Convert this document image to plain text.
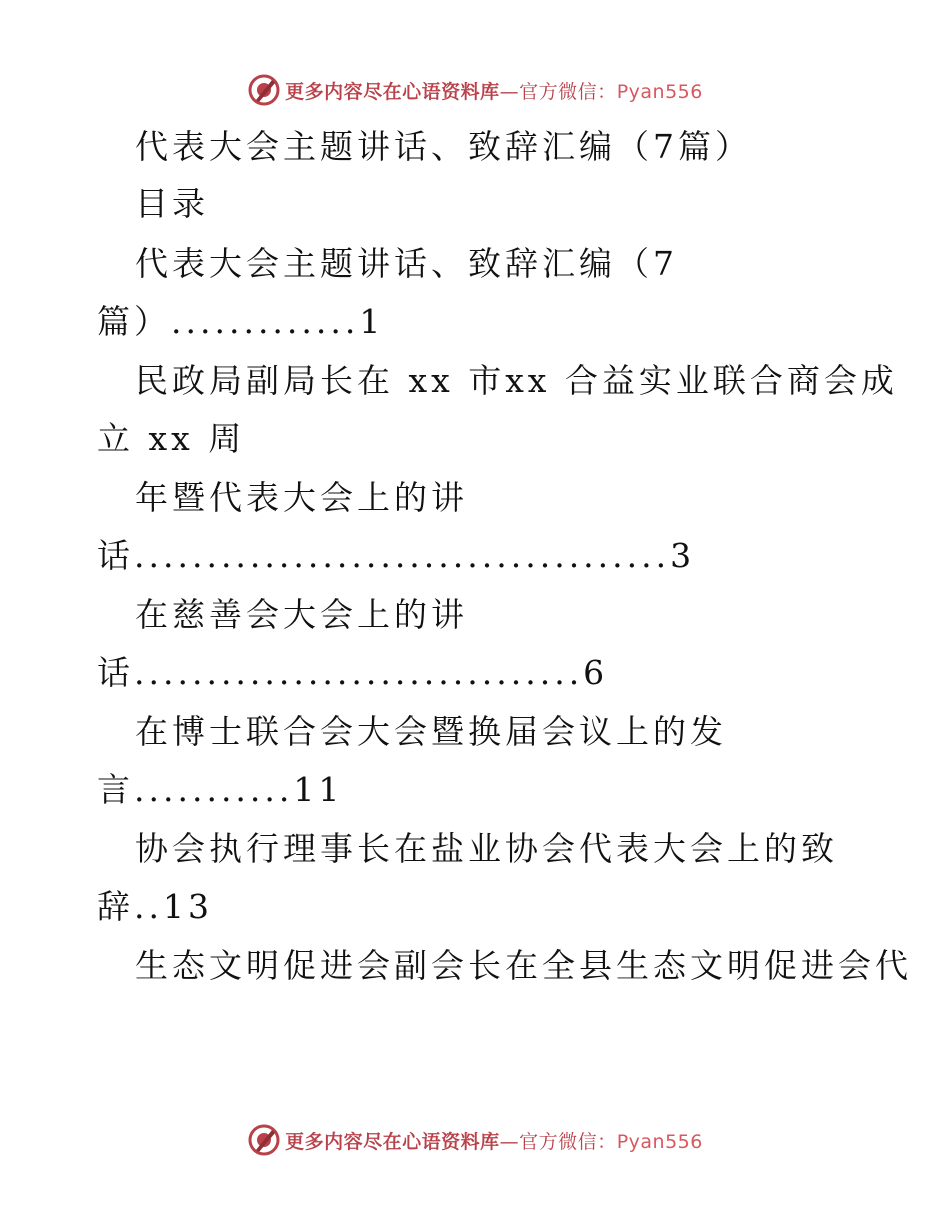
更多内容尽在心语资料库—官方微信：Pyan556
代表大会主题讲话、致辞汇编（7篇）
目录
代表大会主题讲话、致辞汇编（7
篇）.............1
民政局副局长在 xx 市xx 合益实业联合商会成
立 xx 周
年暨代表大会上的讲
话.....................................3
在慈善会大会上的讲
话...............................6
在博士联合会大会暨换届会议上的发
言...........11
协会执行理事长在盐业协会代表大会上的致
辞..13
生态文明促进会副会长在全县生态文明促进会代
更多内容尽在心语资料库—官方微信：Pyan556
